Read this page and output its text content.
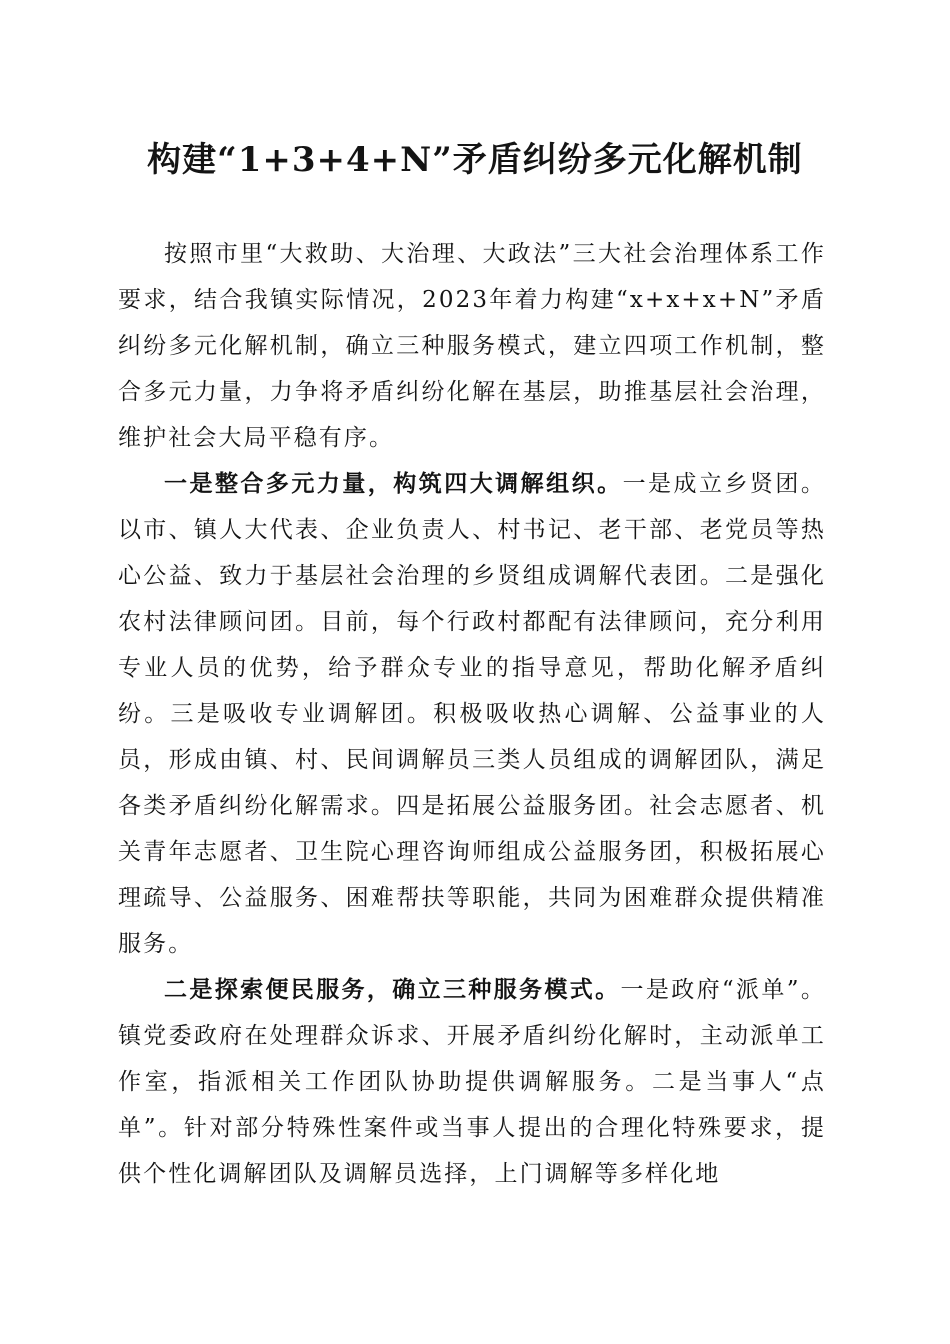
构建“1+3+4+N”矛盾纠纷多元化解机制

按照市里“大救助、大治理、大政法”三大社会治理体系工作要求，结合我镇实际情况，2023年着力构建“x+x+x+N”矛盾纠纷多元化解机制，确立三种服务模式，建立四项工作机制，整合多元力量，力争将矛盾纠纷化解在基层，助推基层社会治理，维护社会大局平稳有序。

一是整合多元力量，构筑四大调解组织。一是成立乡贤团。以市、镇人大代表、企业负责人、村书记、老干部、老党员等热心公益、致力于基层社会治理的乡贤组成调解代表团。二是强化农村法律顾问团。目前，每个行政村都配有法律顾问，充分利用专业人员的优势，给予群众专业的指导意见，帮助化解矛盾纠纷。三是吸收专业调解团。积极吸收热心调解、公益事业的人员，形成由镇、村、民间调解员三类人员组成的调解团队，满足各类矛盾纠纷化解需求。四是拓展公益服务团。社会志愿者、机关青年志愿者、卫生院心理咨询师组成公益服务团，积极拓展心理疏导、公益服务、困难帮扶等职能，共同为困难群众提供精准服务。

二是探索便民服务，确立三种服务模式。一是政府“派单”。镇党委政府在处理群众诉求、开展矛盾纠纷化解时，主动派单工作室，指派相关工作团队协助提供调解服务。二是当事人“点单”。针对部分特殊性案件或当事人提出的合理化特殊要求，提供个性化调解团队及调解员选择，上门调解等多样化地
